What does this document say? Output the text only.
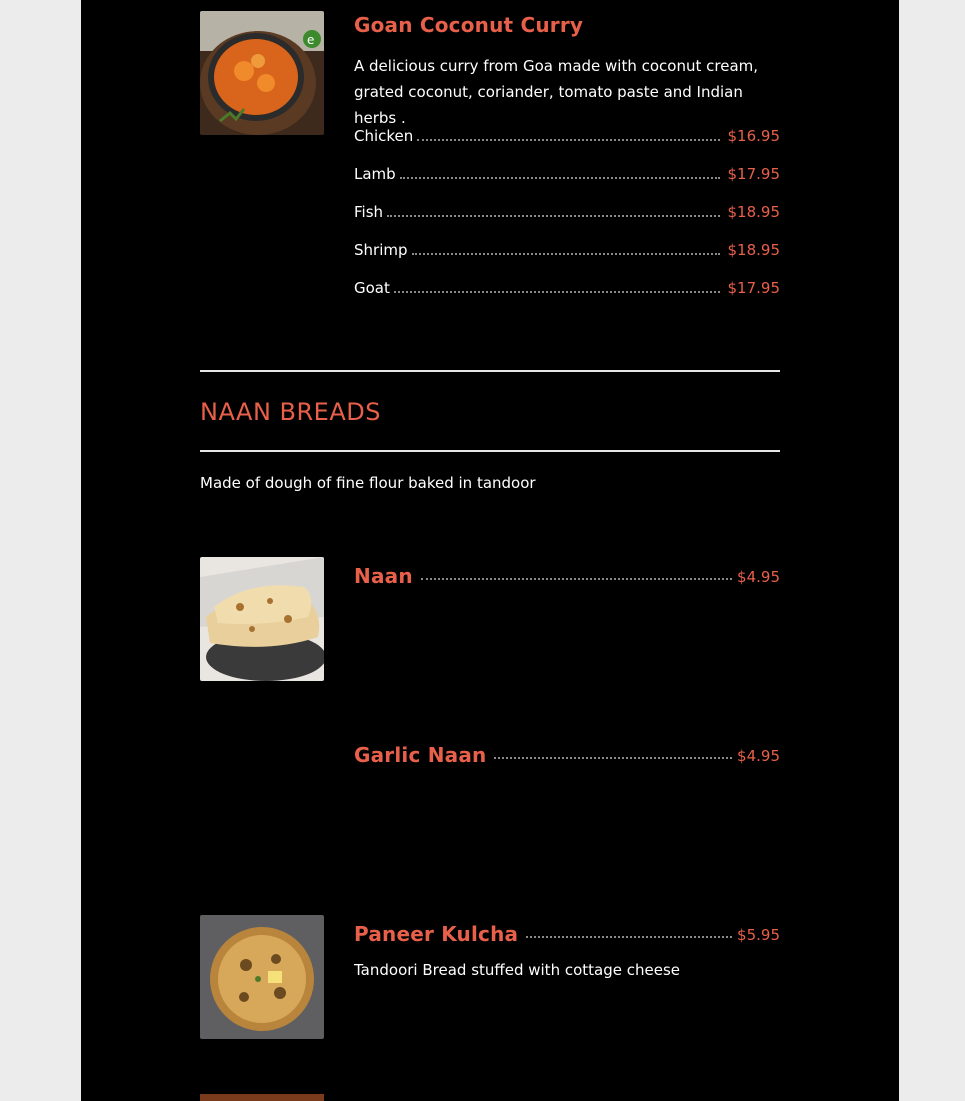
e
Goan Coconut Curry
A delicious curry from Goa made with coconut cream, grated coconut, coriander, tomato paste and Indian herbs .
Chicken	$16.95
Lamb	$17.95
Fish	$18.95
Shrimp	$18.95
Goat	$17.95
NAAN BREADS
Made of dough of fine flour baked in tandoor
Naan	$4.95
Garlic Naan	$4.95
Paneer Kulcha	$5.95
Tandoori Bread stuffed with cottage cheese
